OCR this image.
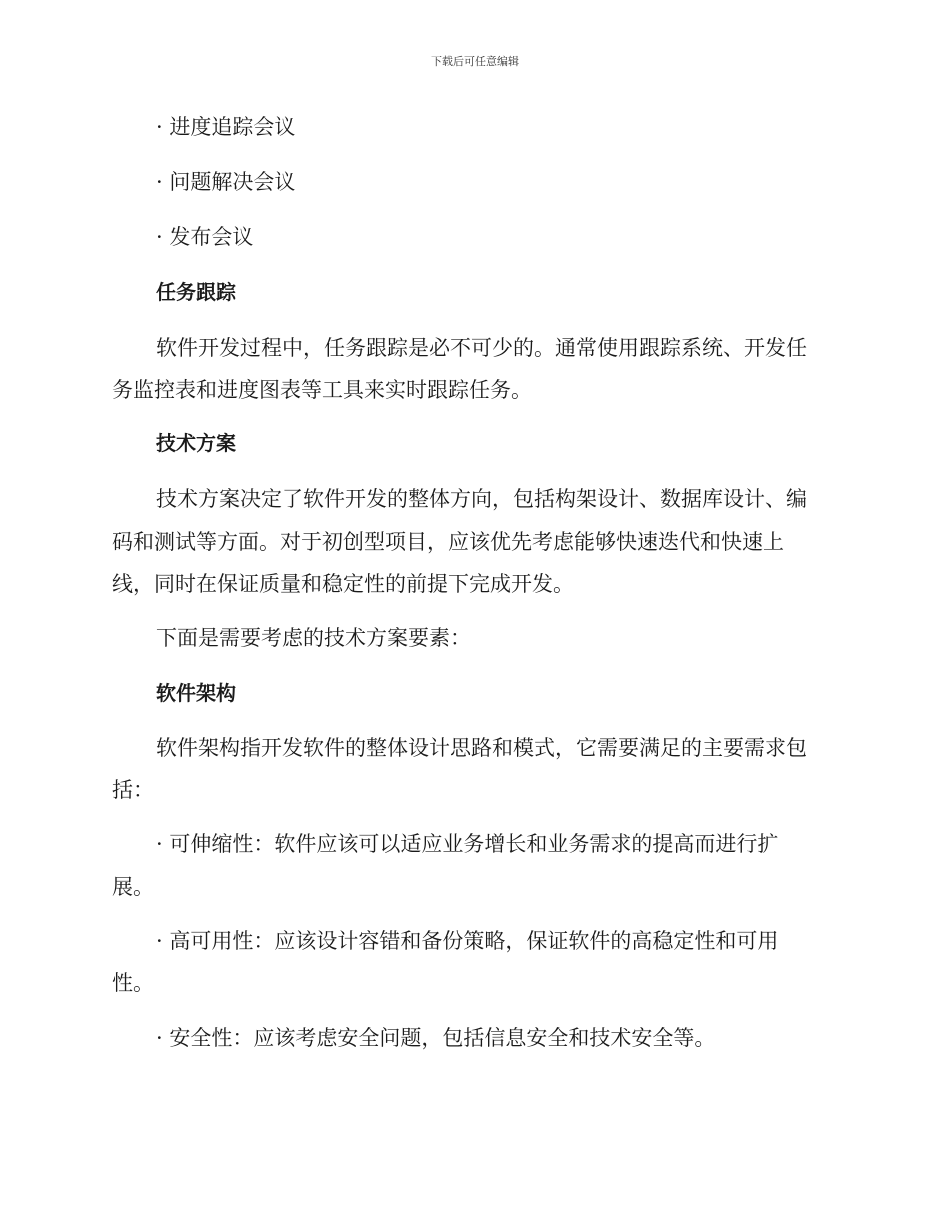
下载后可任意编辑
· 进度追踪会议
· 问题解决会议
· 发布会议
任务跟踪
软件开发过程中，任务跟踪是必不可少的。通常使用跟踪系统、开发任
务监控表和进度图表等工具来实时跟踪任务。
技术方案
技术方案决定了软件开发的整体方向，包括构架设计、数据库设计、编
码和测试等方面。对于初创型项目，应该优先考虑能够快速迭代和快速上
线，同时在保证质量和稳定性的前提下完成开发。
下面是需要考虑的技术方案要素：
软件架构
软件架构指开发软件的整体设计思路和模式，它需要满足的主要需求包
括：
· 可伸缩性：软件应该可以适应业务增长和业务需求的提高而进行扩
展。
· 高可用性：应该设计容错和备份策略，保证软件的高稳定性和可用
性。
· 安全性：应该考虑安全问题，包括信息安全和技术安全等。
